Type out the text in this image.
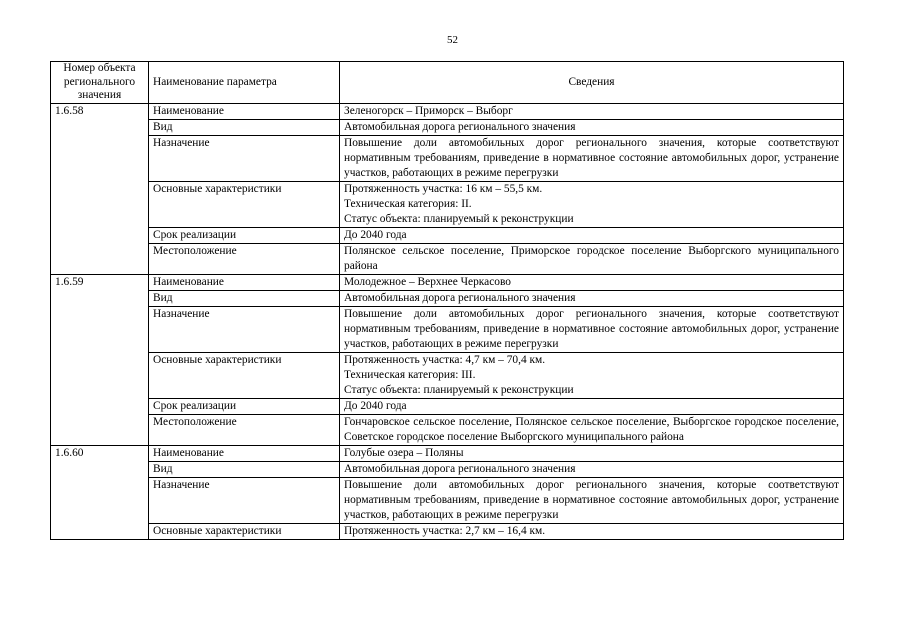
52
Номер объекта регионального значения	Наименование параметра	Сведения
1.6.58	Наименование	Зеленогорск – Приморск – Выборг
	Вид	Автомобильная дорога регионального значения
	Назначение	Повышение доли автомобильных дорог регионального значения, которые соответствуют нормативным требованиям, приведение в нормативное состояние автомобильных дорог, устранение участков, работающих в режиме перегрузки
	Основные характеристики	Протяженность участка: 16 км – 55,5 км.
Техническая категория: II.
Статус объекта: планируемый к реконструкции

	Срок реализации	До 2040 года
	Местоположение	Полянское сельское поселение, Приморское городское поселение Выборгского муниципального района
1.6.59	Наименование	Молодежное – Верхнее Черкасово
	Вид	Автомобильная дорога регионального значения
	Назначение	Повышение доли автомобильных дорог регионального значения, которые соответствуют нормативным требованиям, приведение в нормативное состояние автомобильных дорог, устранение участков, работающих в режиме перегрузки
	Основные характеристики	Протяженность участка: 4,7 км – 70,4 км.
Техническая категория: III.
Статус объекта: планируемый к реконструкции

	Срок реализации	До 2040 года
	Местоположение	Гончаровское сельское поселение, Полянское сельское поселение, Выборгское городское поселение, Советское городское поселение Выборгского муниципального района
1.6.60	Наименование	Голубые озера – Поляны
	Вид	Автомобильная дорога регионального значения
	Назначение	Повышение доли автомобильных дорог регионального значения, которые соответствуют нормативным требованиям, приведение в нормативное состояние автомобильных дорог, устранение участков, работающих в режиме перегрузки
	Основные характеристики	Протяженность участка: 2,7 км – 16,4 км.
